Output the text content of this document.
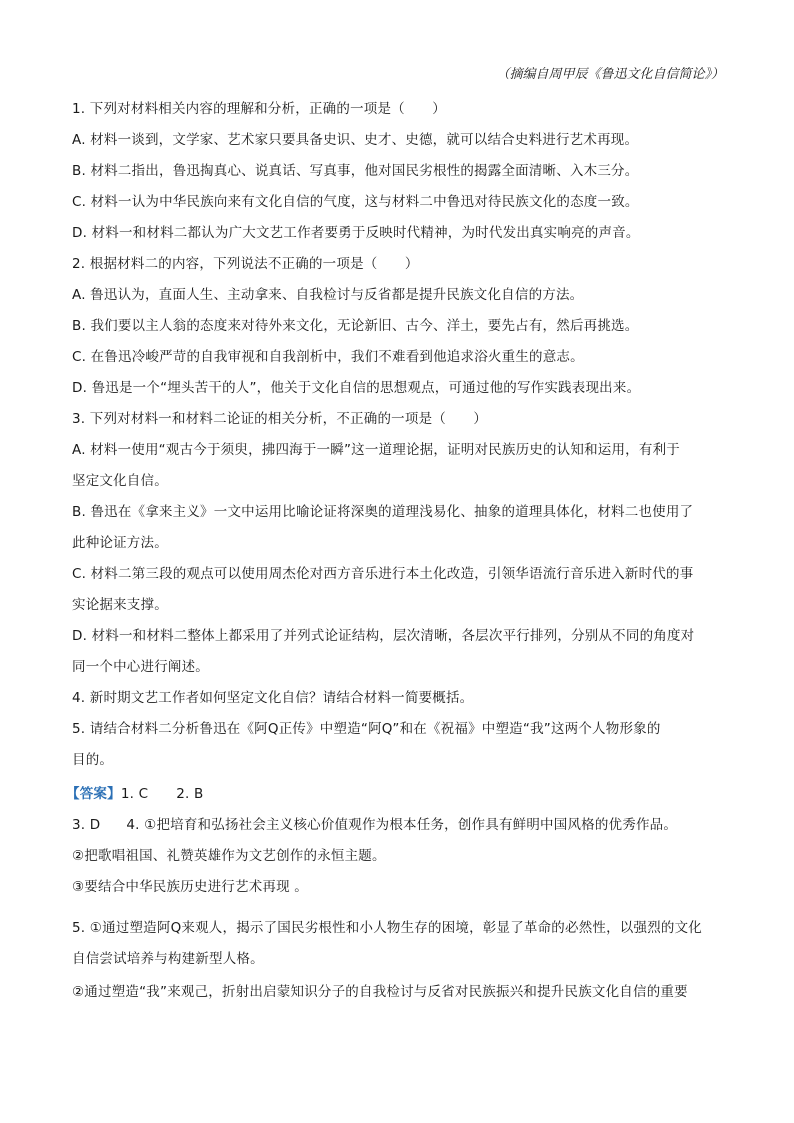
（摘编自周甲辰《鲁迅文化自信简论》）
1. 下列对材料相关内容的理解和分析，正确的一项是（　　）
A. 材料一谈到，文学家、艺术家只要具备史识、史才、史德，就可以结合史料进行艺术再现。
B. 材料二指出，鲁迅掏真心、说真话、写真事，他对国民劣根性的揭露全面清晰、入木三分。
C. 材料一认为中华民族向来有文化自信的气度，这与材料二中鲁迅对待民族文化的态度一致。
D. 材料一和材料二都认为广大文艺工作者要勇于反映时代精神，为时代发出真实响亮的声音。
2. 根据材料二的内容，下列说法不正确的一项是（　　）
A. 鲁迅认为，直面人生、主动拿来、自我检讨与反省都是提升民族文化自信的方法。
B. 我们要以主人翁的态度来对待外来文化，无论新旧、古今、洋土，要先占有，然后再挑选。
C. 在鲁迅冷峻严苛的自我审视和自我剖析中，我们不难看到他追求浴火重生的意志。
D. 鲁迅是一个“埋头苦干的人”，他关于文化自信的思想观点，可通过他的写作实践表现出来。
3. 下列对材料一和材料二论证的相关分析，不正确的一项是（　　）
A. 材料一使用“观古今于须臾，拂四海于一瞬”这一道理论据，证明对民族历史的认知和运用，有利于
坚定文化自信。
B. 鲁迅在《拿来主义》一文中运用比喻论证将深奥的道理浅易化、抽象的道理具体化，材料二也使用了
此种论证方法。
C. 材料二第三段的观点可以使用周杰伦对西方音乐进行本土化改造，引领华语流行音乐进入新时代的事
实论据来支撑。
D. 材料一和材料二整体上都采用了并列式论证结构，层次清晰，各层次平行排列，分别从不同的角度对
同一个中心进行阐述。
4. 新时期文艺工作者如何坚定文化自信？请结合材料一简要概括。
5. 请结合材料二分析鲁迅在《阿Q正传》中塑造“阿Q”和在《祝福》中塑造“我”这两个人物形象的
目的。
【答案】1. C 2. B
3. D 4. ①把培育和弘扬社会主义核心价值观作为根本任务，创作具有鲜明中国风格的优秀作品。
②把歌唱祖国、礼赞英雄作为文艺创作的永恒主题。
③要结合中华民族历史进行艺术再现 。
5. ①通过塑造阿Q来观人，揭示了国民劣根性和小人物生存的困境，彰显了革命的必然性，以强烈的文化
自信尝试培养与构建新型人格。
②通过塑造“我”来观己，折射出启蒙知识分子的自我检讨与反省对民族振兴和提升民族文化自信的重要
